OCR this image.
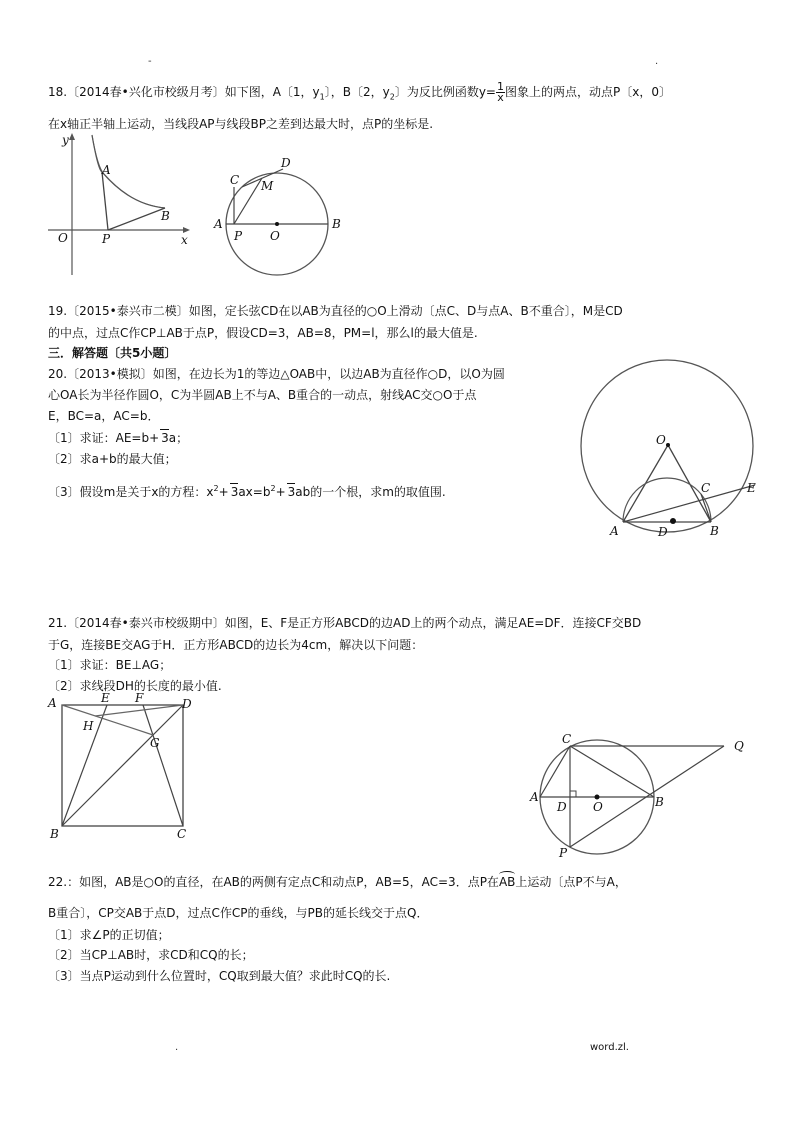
-	.
18.〔2014春•兴化市校级月考〕如下图，A〔1，$y_1$〕，B〔2，$y_2$〕为反比例函数$y= \frac{1}{x}$ 图象上的两点，动点P〔x，0〕
在x轴正半轴上运动，当线段AP与线段BP之差到达最大时，点P的坐标是.
y
x
O
A
B
P
A	B
C
D
M
P O
19.〔2015•泰兴市二模〕如图，定长弦CD在以AB为直径的○O上滑动〔点C、D与点A、B不重合〕，M是CD
的中点，过点C作CP⊥AB于点P，假设CD=3，AB=8，PM=l，那么l的最大值是.
三．解答题〔共5小题〕
20.〔2013•模拟〕如图，在边长为1的等边△OAB中，以边AB为直径作○D，以O为圆
心OA长为半径作圆O，C为半圆AB上不与A、B重合的一动点，射线AC交○O于点
E，BC=a，AC=b．
〔1〕求证：AE=b+ 3a；
〔2〕求a+b的最大值；
〔3〕假设m是关于x的方程：$x^2+ 3ax=b^2+ 3ab$的一个根，求m的取值围.
O
A	B
C
D
E
21.〔2014春•泰兴市校级期中〕如图，E、F是正方形ABCD的边AD上的两个动点，满足AE=DF．连接CF交BD
于G，连接BE交AG于H．正方形ABCD的边长为4cm，解决以下问题：
〔1〕求证：BE⊥AG；
〔2〕求线段DH的长度的最小值.
A
B	C
D
E F
G
H
A	B
C
D O
P
Q
22.：如图，AB是○O的直径，在AB的两侧有定点C和动点P，AB=5，AC=3．点P在AB上运动〔点P不与A，
B重合〕，CP交AB于点D，过点C作CP的垂线，与PB的延长线交于点Q．
〔1〕求∠P的正切值；
〔2〕当CP⊥AB时，求CD和CQ的长；
〔3〕当点P运动到什么位置时，CQ取到最大值？求此时CQ的长.
.	word.zl.
